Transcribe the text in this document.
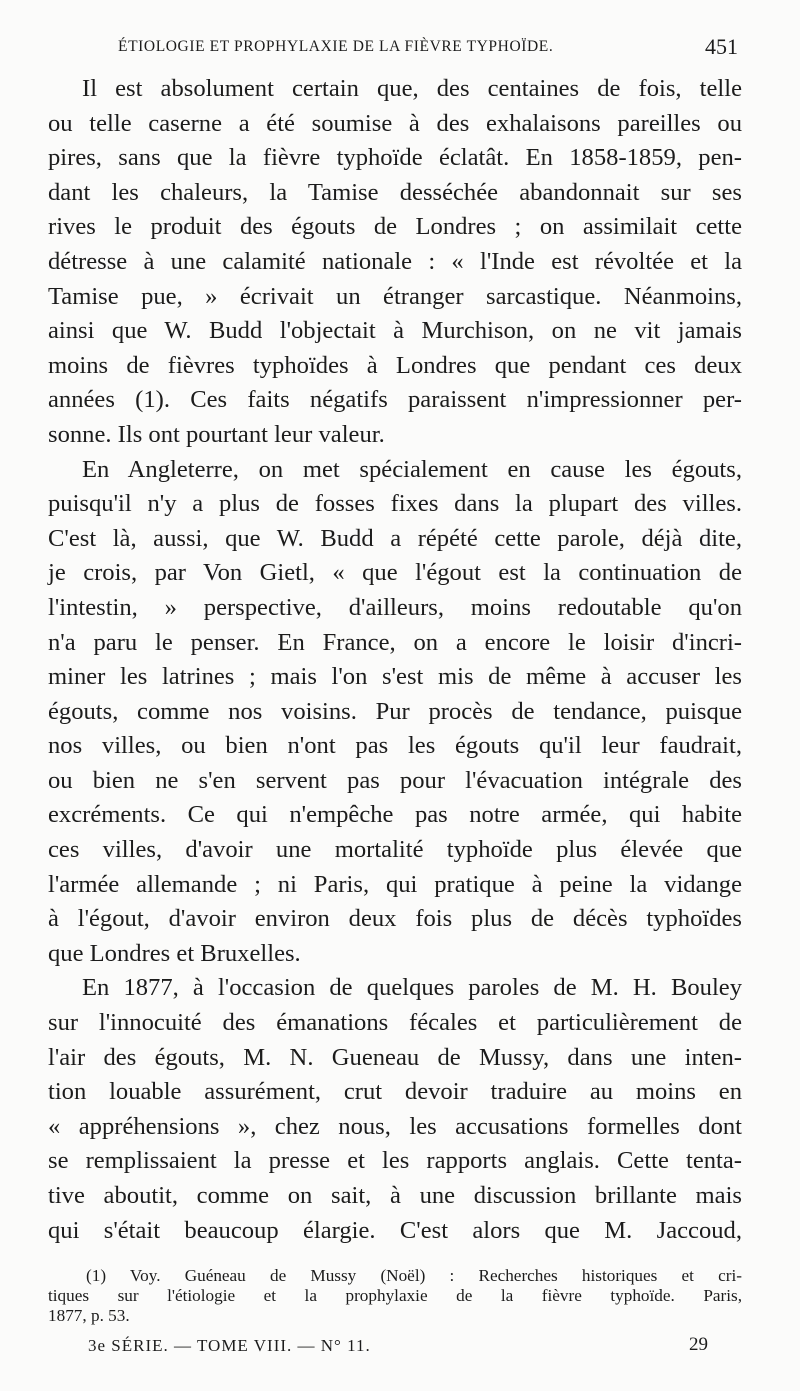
ÉTIOLOGIE ET PROPHYLAXIE DE LA FIÈVRE TYPHOÏDE.	451
Il est absolument certain que, des centaines de fois, telle
ou telle caserne a été soumise à des exhalaisons pareilles ou
pires, sans que la fièvre typhoïde éclatât. En 1858-1859, pen-
dant les chaleurs, la Tamise desséchée abandonnait sur ses
rives le produit des égouts de Londres ; on assimilait cette
détresse à une calamité nationale : « l'Inde est révoltée et la
Tamise pue, » écrivait un étranger sarcastique. Néanmoins,
ainsi que W. Budd l'objectait à Murchison, on ne vit jamais
moins de fièvres typhoïdes à Londres que pendant ces deux
années (1). Ces faits négatifs paraissent n'impressionner per-
sonne. Ils ont pourtant leur valeur.
En Angleterre, on met spécialement en cause les égouts,
puisqu'il n'y a plus de fosses fixes dans la plupart des villes.
C'est là, aussi, que W. Budd a répété cette parole, déjà dite,
je crois, par Von Gietl, « que l'égout est la continuation de
l'intestin, » perspective, d'ailleurs, moins redoutable qu'on
n'a paru le penser. En France, on a encore le loisir d'incri-
miner les latrines ; mais l'on s'est mis de même à accuser les
égouts, comme nos voisins. Pur procès de tendance, puisque
nos villes, ou bien n'ont pas les égouts qu'il leur faudrait,
ou bien ne s'en servent pas pour l'évacuation intégrale des
excréments. Ce qui n'empêche pas notre armée, qui habite
ces villes, d'avoir une mortalité typhoïde plus élevée que
l'armée allemande ; ni Paris, qui pratique à peine la vidange
à l'égout, d'avoir environ deux fois plus de décès typhoïdes
que Londres et Bruxelles.
En 1877, à l'occasion de quelques paroles de M. H. Bouley
sur l'innocuité des émanations fécales et particulièrement de
l'air des égouts, M. N. Gueneau de Mussy, dans une inten-
tion louable assurément, crut devoir traduire au moins en
« appréhensions », chez nous, les accusations formelles dont
se remplissaient la presse et les rapports anglais. Cette tenta-
tive aboutit, comme on sait, à une discussion brillante mais
qui s'était beaucoup élargie. C'est alors que M. Jaccoud,
(1) Voy. Guéneau de Mussy (Noël) : Recherches historiques et cri-
tiques sur l'étiologie et la prophylaxie de la fièvre typhoïde. Paris,
1877, p. 53.
3e SÉRIE. — TOME VIII. — N° 11.	29
